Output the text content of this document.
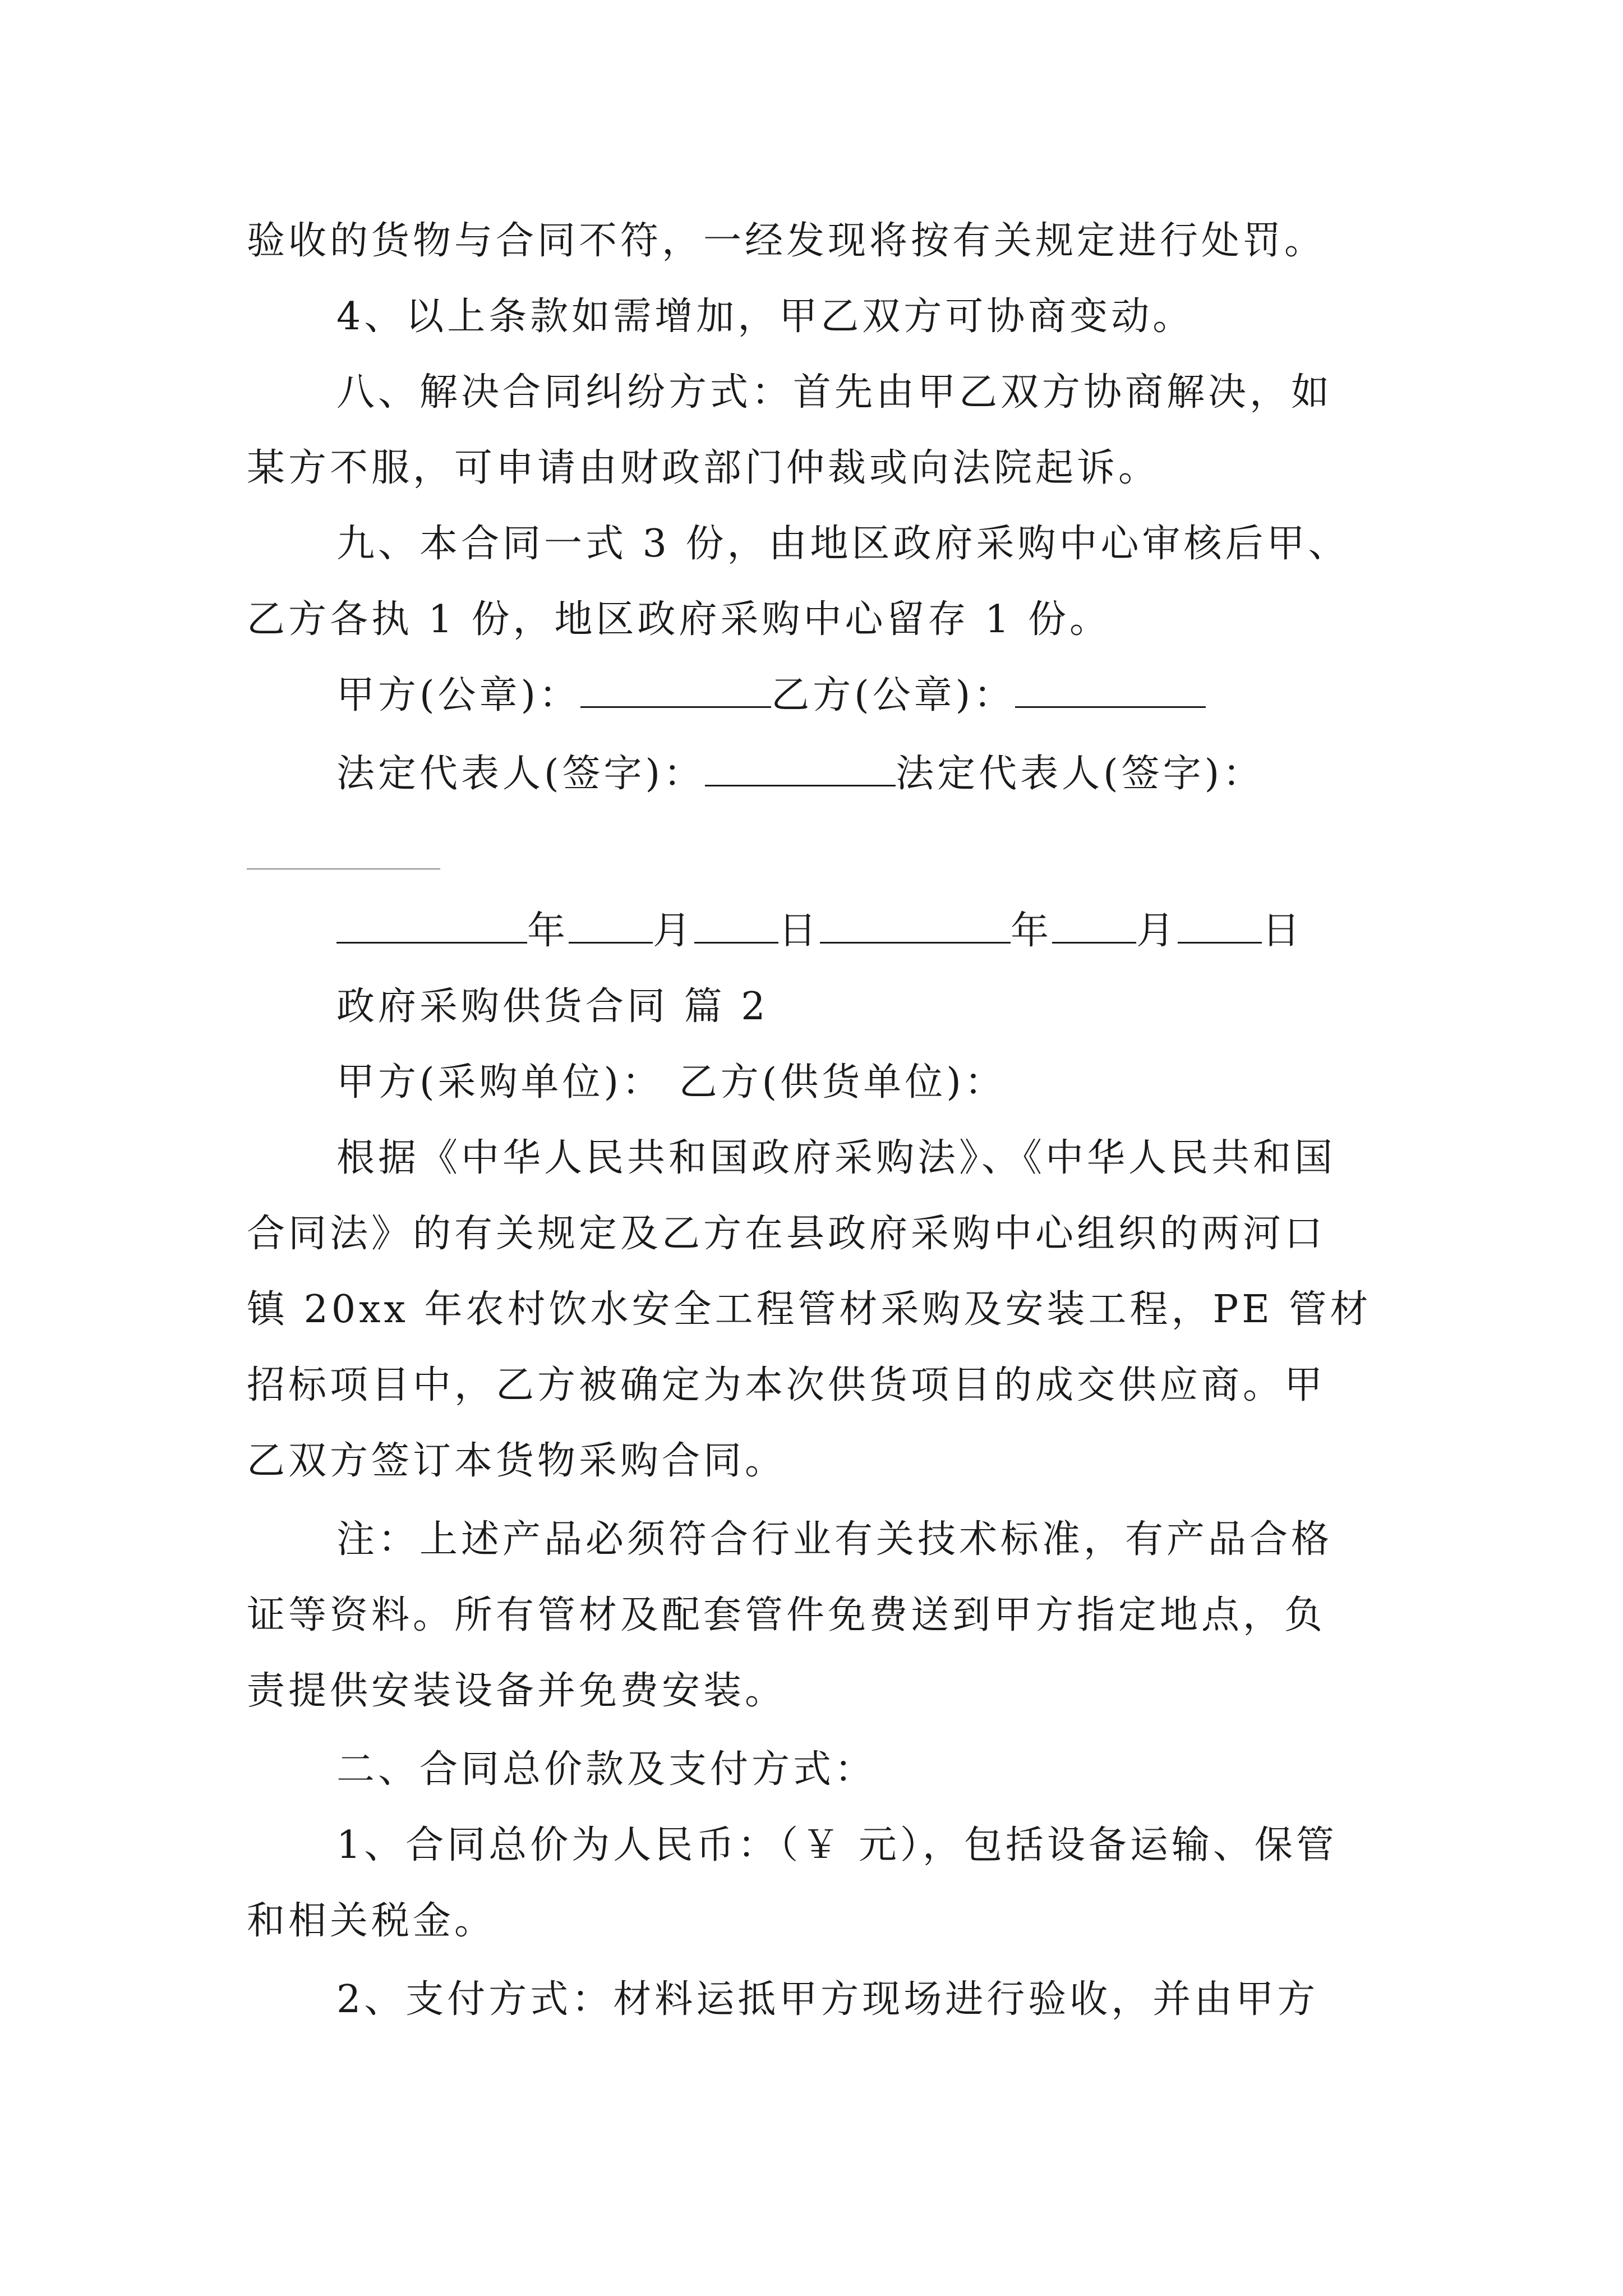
验收的货物与合同不符，一经发现将按有关规定进行处罚。

4、以上条款如需增加，甲乙双方可协商变动。

八、解决合同纠纷方式：首先由甲乙双方协商解决，如

某方不服，可申请由财政部门仲裁或向法院起诉。

九、本合同一式 3 份，由地区政府采购中心审核后甲、

乙方各执 1 份，地区政府采购中心留存 1 份。

甲方(公章)：	乙方(公章)：

法定代表人(签字)：	法定代表人(签字)：

年 月 日	年 月 日

政府采购供货合同 篇 2

甲方(采购单位)： 乙方(供货单位)：

根据《中华人民共和国政府采购法》、《中华人民共和国

合同法》的有关规定及乙方在县政府采购中心组织的两河口

镇 20xx 年农村饮水安全工程管材采购及安装工程，PE 管材

招标项目中，乙方被确定为本次供货项目的成交供应商。甲

乙双方签订本货物采购合同。

注：上述产品必须符合行业有关技术标准，有产品合格

证等资料。所有管材及配套管件免费送到甲方指定地点，负

责提供安装设备并免费安装。

二、合同总价款及支付方式：

1、合同总价为人民币：（￥ 元），包括设备运输、保管

和相关税金。

2、支付方式：材料运抵甲方现场进行验收，并由甲方
